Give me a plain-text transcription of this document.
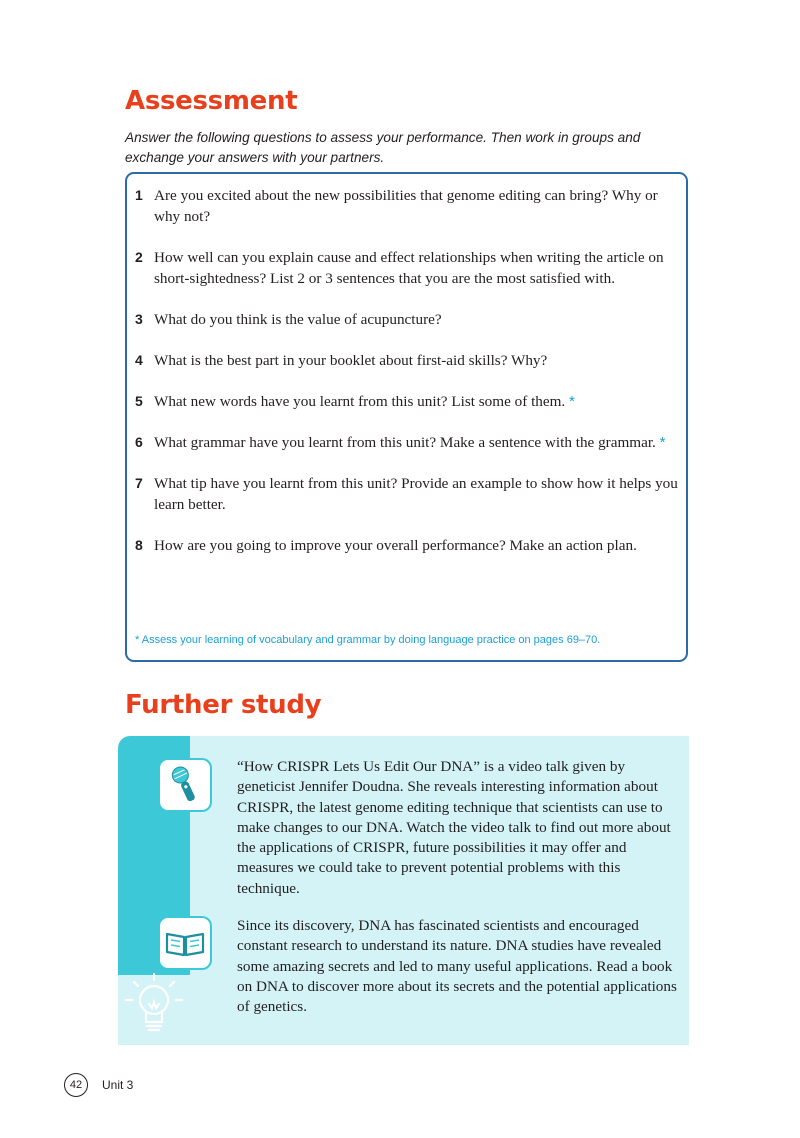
Assessment
Answer the following questions to assess your performance. Then work in groups and exchange your answers with your partners.
1 Are you excited about the new possibilities that genome editing can bring? Why or why not?
2 How well can you explain cause and effect relationships when writing the article on short-sightedness? List 2 or 3 sentences that you are the most satisfied with.
3 What do you think is the value of acupuncture?
4 What is the best part in your booklet about first-aid skills? Why?
5 What new words have you learnt from this unit? List some of them. *
6 What grammar have you learnt from this unit? Make a sentence with the grammar. *
7 What tip have you learnt from this unit? Provide an example to show how it helps you learn better.
8 How are you going to improve your overall performance? Make an action plan.
* Assess your learning of vocabulary and grammar by doing language practice on pages 69–70.
Further study

“How CRISPR Lets Us Edit Our DNA” is a video talk given by geneticist Jennifer Doudna. She reveals interesting information about CRISPR, the latest genome editing technique that scientists can use to make changes to our DNA. Watch the video talk to find out more about the applications of CRISPR, future possibilities it may offer and measures we could take to prevent potential problems with this technique.

Since its discovery, DNA has fascinated scientists and encouraged constant research to understand its nature. DNA studies have revealed some amazing secrets and led to many useful applications. Read a book on DNA to discover more about its secrets and the potential applications of genetics.

42	Unit 3
